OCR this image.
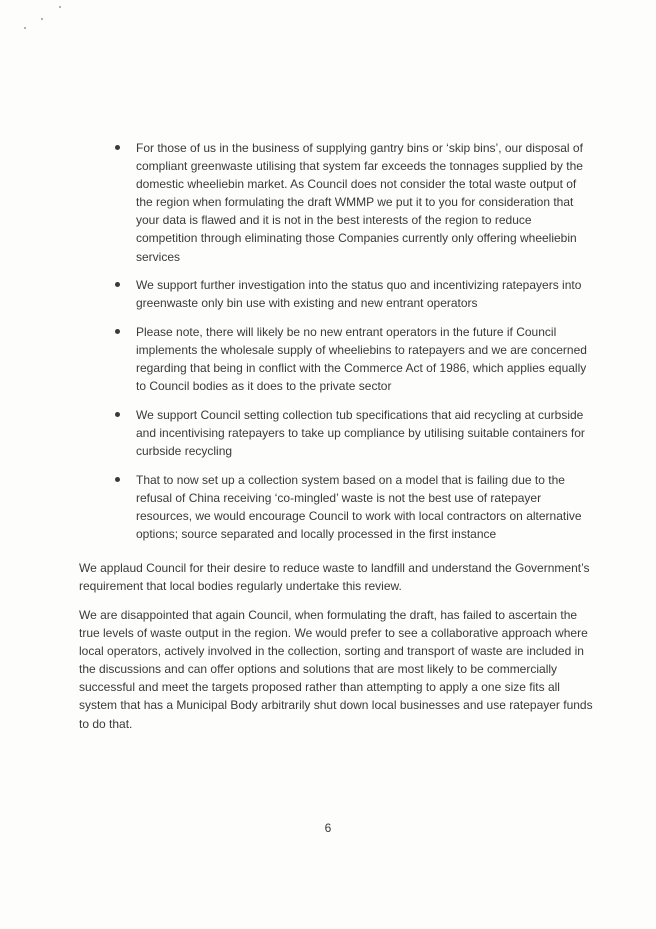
For those of us in the business of supplying gantry bins or ‘skip bins’, our disposal of compliant greenwaste utilising that system far exceeds the tonnages supplied by the domestic wheeliebin market. As Council does not consider the total waste output of the region when formulating the draft WMMP we put it to you for consideration that your data is flawed and it is not in the best interests of the region to reduce competition through eliminating those Companies currently only offering wheeliebin services
We support further investigation into the status quo and incentivizing ratepayers into greenwaste only bin use with existing and new entrant operators
Please note, there will likely be no new entrant operators in the future if Council implements the wholesale supply of wheeliebins to ratepayers and we are concerned regarding that being in conflict with the Commerce Act of 1986, which applies equally to Council bodies as it does to the private sector
We support Council setting collection tub specifications that aid recycling at curbside and incentivising ratepayers to take up compliance by utilising suitable containers for curbside recycling
That to now set up a collection system based on a model that is failing due to the refusal of China receiving ‘co-mingled’ waste is not the best use of ratepayer resources, we would encourage Council to work with local contractors on alternative options; source separated and locally processed in the first instance

We applaud Council for their desire to reduce waste to landfill and understand the Government’s requirement that local bodies regularly undertake this review.

We are disappointed that again Council, when formulating the draft, has failed to ascertain the true levels of waste output in the region. We would prefer to see a collaborative approach where local operators, actively involved in the collection, sorting and transport of waste are included in the discussions and can offer options and solutions that are most likely to be commercially successful and meet the targets proposed rather than attempting to apply a one size fits all system that has a Municipal Body arbitrarily shut down local businesses and use ratepayer funds to do that.

6
